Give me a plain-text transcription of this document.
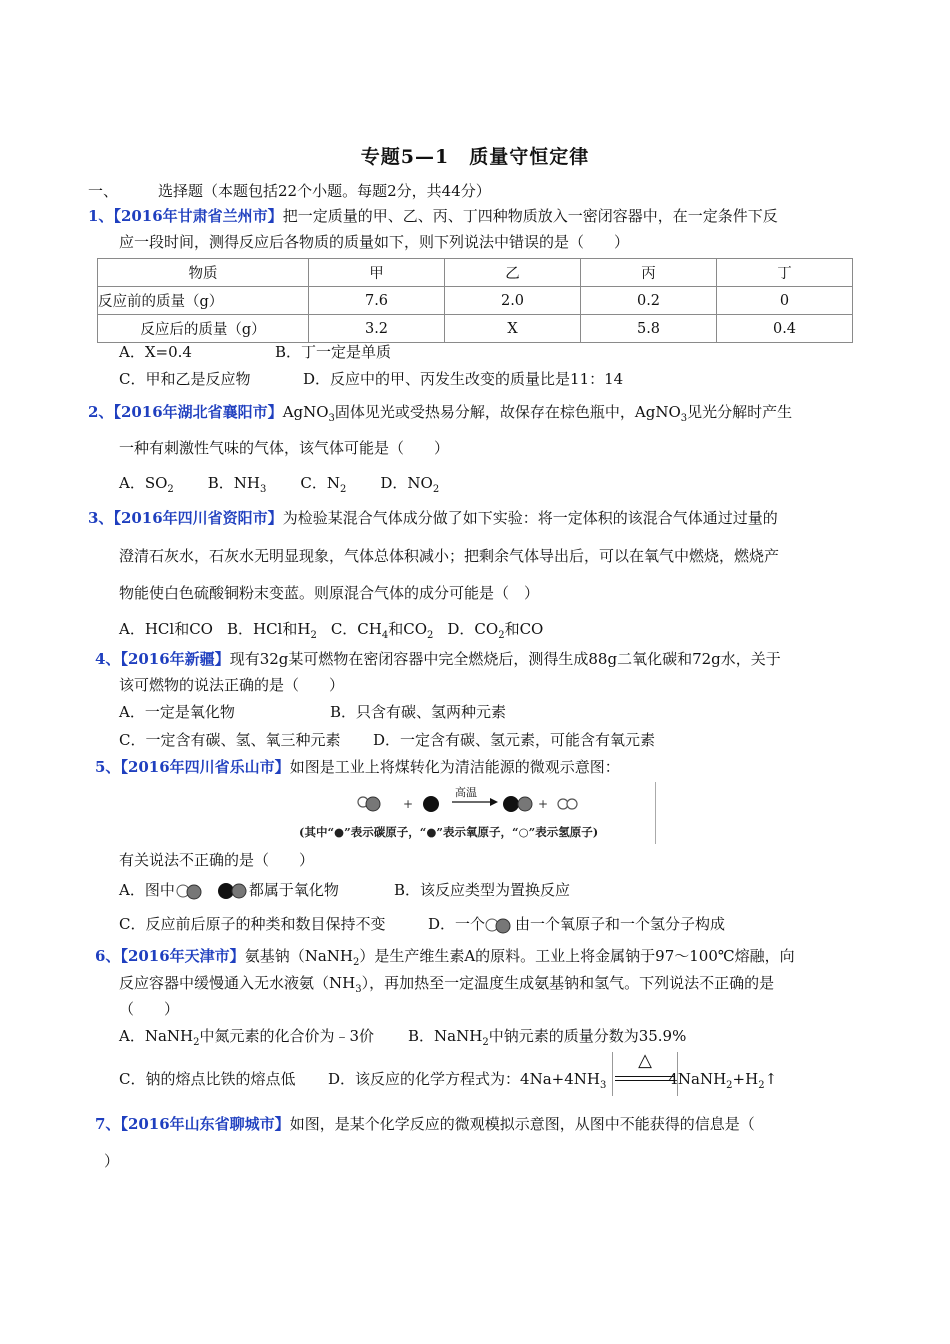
专题5—1　质量守恒定律
一、	选择题（本题包括22个小题。每题2分，共44分）
1、【2016年甘肃省兰州市】把一定质量的甲、乙、丙、丁四种物质放入一密闭容器中，在一定条件下反
应一段时间，测得反应后各物质的质量如下，则下列说法中错误的是（　　）
物质	甲	乙	丙	丁
反应前的质量（g）	7.6	2.0	0.2	0
反应后的质量（g）	3.2	X	5.8	0.4
A．X=0.4	B．丁一定是单质
C．甲和乙是反应物	D．反应中的甲、丙发生改变的质量比是11：14
2、【2016年湖北省襄阳市】AgNO$_3$固体见光或受热易分解，故保存在棕色瓶中，AgNO$_3$见光分解时产生
一种有刺激性气味的气体，该气体可能是（　　）
A．$SO_2$ B．$NH_3$ C．$N_2$ D．$NO_2$
3、【2016年四川省资阳市】为检验某混合气体成分做了如下实验：将一定体积的该混合气体通过过量的
澄清石灰水，石灰水无明显现象，气体总体积减小；把剩余气体导出后，可以在氧气中燃烧，燃烧产
物能使白色硫酸铜粉末变蓝。则原混合气体的成分可能是（　）
A．HCl和CO B．HCl和$H_2$ C．$CH_4$和$CO_2$ D．$CO_2$和CO
4、【2016年新疆】现有32g某可燃物在密闭容器中完全燃烧后，测得生成88g二氧化碳和72g水，关于
该可燃物的说法正确的是（　　）
A．一定是氧化物	B．只含有碳、氢两种元素
C．一定含有碳、氢、氧三种元素 D．一定含有碳、氢元素，可能含有氧元素
5、【2016年四川省乐山市】如图是工业上将煤转化为清洁能源的微观示意图：
+
高温
+
(其中“●”表示碳原子，“●”表示氧原子，“○”表示氢原子)
有关说法不正确的是（　　）
A．图中	都属于氧化物	B．该反应类型为置换反应
C．反应前后原子的种类和数目保持不变	D．一个 由一个氧原子和一个氢分子构成
6、【2016年天津市】氨基钠（NaNH$_2$）是生产维生素A的原料。工业上将金属钠于97～100℃熔融，向
反应容器中缓慢通入无水液氨$(NH_3)$，再加热至一定温度生成氨基钠和氢气。下列说法不正确的是
（　　）
A．NaNH$_2$中氮元素的化合价为﹣3价 B．NaNH$_2$中钠元素的质量分数为35.9%
C．钠的熔点比铁的熔点低 D．该反应的化学方程式为：$4Na+4NH_3$	$4NaNH_2+H_2↑$
△
7、【2016年山东省聊城市】如图，是某个化学反应的微观模拟示意图，从图中不能获得的信息是（
）
